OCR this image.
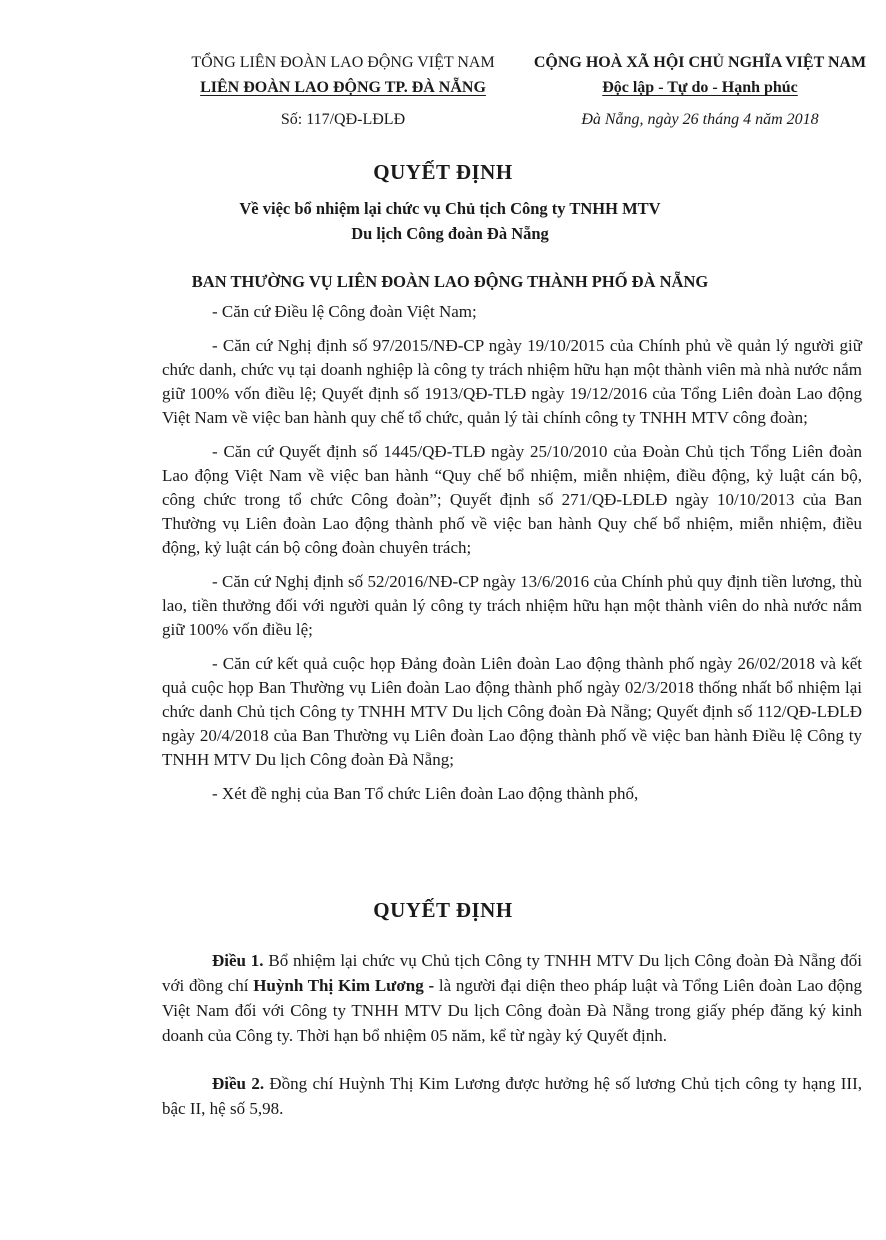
TỔNG LIÊN ĐOÀN LAO ĐỘNG VIỆT NAM
LIÊN ĐOÀN LAO ĐỘNG TP. ĐÀ NẴNG
Số: 117/QĐ-LĐLĐ
CỘNG HOÀ XÃ HỘI CHỦ NGHĨA VIỆT NAM
Độc lập - Tự do - Hạnh phúc
Đà Nẵng, ngày 26 tháng 4 năm 2018
QUYẾT ĐỊNH
Về việc bổ nhiệm lại chức vụ Chủ tịch Công ty TNHH MTV
Du lịch Công đoàn Đà Nẵng
BAN THƯỜNG VỤ LIÊN ĐOÀN LAO ĐỘNG THÀNH PHỐ ĐÀ NẴNG

- Căn cứ Điều lệ Công đoàn Việt Nam;

- Căn cứ Nghị định số 97/2015/NĐ-CP ngày 19/10/2015 của Chính phủ về quản lý người giữ chức danh, chức vụ tại doanh nghiệp là công ty trách nhiệm hữu hạn một thành viên mà nhà nước nắm giữ 100% vốn điều lệ; Quyết định số 1913/QĐ-TLĐ ngày 19/12/2016 của Tổng Liên đoàn Lao động Việt Nam về việc ban hành quy chế tổ chức, quản lý tài chính công ty TNHH MTV công đoàn;

- Căn cứ Quyết định số 1445/QĐ-TLĐ ngày 25/10/2010 của Đoàn Chủ tịch Tổng Liên đoàn Lao động Việt Nam về việc ban hành “Quy chế bổ nhiệm, miễn nhiệm, điều động, kỷ luật cán bộ, công chức trong tổ chức Công đoàn”; Quyết định số 271/QĐ-LĐLĐ ngày 10/10/2013 của Ban Thường vụ Liên đoàn Lao động thành phố về việc ban hành Quy chế bổ nhiệm, miễn nhiệm, điều động, kỷ luật cán bộ công đoàn chuyên trách;

- Căn cứ Nghị định số 52/2016/NĐ-CP ngày 13/6/2016 của Chính phủ quy định tiền lương, thù lao, tiền thưởng đối với người quản lý công ty trách nhiệm hữu hạn một thành viên do nhà nước nắm giữ 100% vốn điều lệ;

- Căn cứ kết quả cuộc họp Đảng đoàn Liên đoàn Lao động thành phố ngày 26/02/2018 và kết quả cuộc họp Ban Thường vụ Liên đoàn Lao động thành phố ngày 02/3/2018 thống nhất bổ nhiệm lại chức danh Chủ tịch Công ty TNHH MTV Du lịch Công đoàn Đà Nẵng; Quyết định số 112/QĐ-LĐLĐ ngày 20/4/2018 của Ban Thường vụ Liên đoàn Lao động thành phố về việc ban hành Điều lệ Công ty TNHH MTV Du lịch Công đoàn Đà Nẵng;

- Xét đề nghị của Ban Tổ chức Liên đoàn Lao động thành phố,

QUYẾT ĐỊNH

Điều 1. Bổ nhiệm lại chức vụ Chủ tịch Công ty TNHH MTV Du lịch Công đoàn Đà Nẵng đối với đồng chí Huỳnh Thị Kim Lương - là người đại diện theo pháp luật và Tổng Liên đoàn Lao động Việt Nam đối với Công ty TNHH MTV Du lịch Công đoàn Đà Nẵng trong giấy phép đăng ký kinh doanh của Công ty. Thời hạn bổ nhiệm 05 năm, kể từ ngày ký Quyết định.

Điều 2. Đồng chí Huỳnh Thị Kim Lương được hưởng hệ số lương Chủ tịch công ty hạng III, bậc II, hệ số 5,98.
